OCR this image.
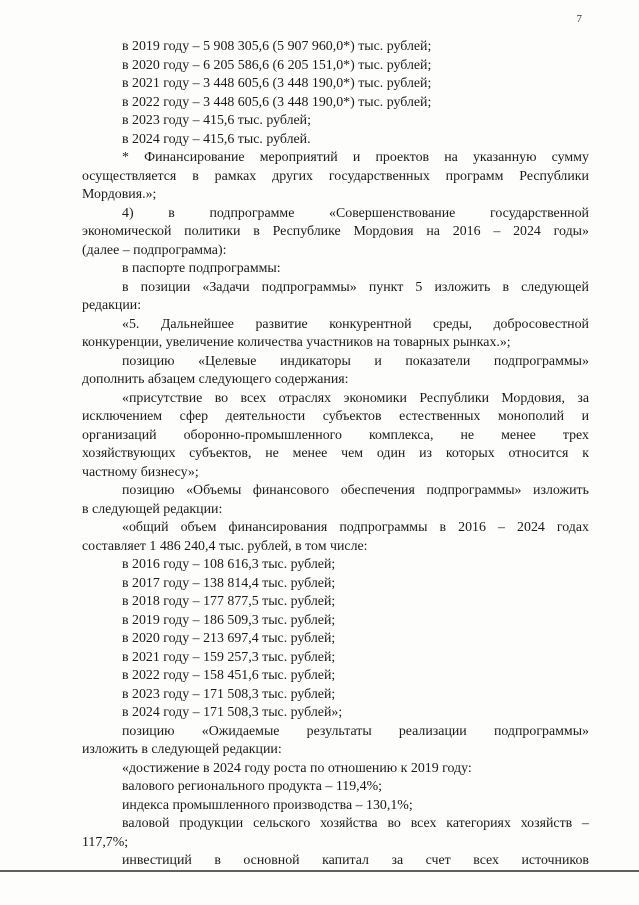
7
в 2019 году – 5 908 305,6 (5 907 960,0*) тыс. рублей;
в 2020 году – 6 205 586,6 (6 205 151,0*) тыс. рублей;
в 2021 году – 3 448 605,6 (3 448 190,0*) тыс. рублей;
в 2022 году – 3 448 605,6 (3 448 190,0*) тыс. рублей;
в 2023 году – 415,6 тыс. рублей;
в 2024 году – 415,6 тыс. рублей.
* Финансирование мероприятий и проектов на указанную сумму
осуществляется в рамках других государственных программ Республики
Мордовия.»;
4) в подпрограмме «Совершенствование государственной
экономической политики в Республике Мордовия на 2016 – 2024 годы»
(далее – подпрограмма):
в паспорте подпрограммы:
в позиции «Задачи подпрограммы» пункт 5 изложить в следующей
редакции:
«5. Дальнейшее развитие конкурентной среды, добросовестной
конкуренции, увеличение количества участников на товарных рынках.»;
позицию «Целевые индикаторы и показатели подпрограммы»
дополнить абзацем следующего содержания:
«присутствие во всех отраслях экономики Республики Мордовия, за
исключением сфер деятельности субъектов естественных монополий и
организаций оборонно-промышленного комплекса, не менее трех
хозяйствующих субъектов, не менее чем один из которых относится к
частному бизнесу»;
позицию «Объемы финансового обеспечения подпрограммы» изложить
в следующей редакции:
«общий объем финансирования подпрограммы в 2016 – 2024 годах
составляет 1 486 240,4 тыс. рублей, в том числе:
в 2016 году – 108 616,3 тыс. рублей;
в 2017 году – 138 814,4 тыс. рублей;
в 2018 году – 177 877,5 тыс. рублей;
в 2019 году – 186 509,3 тыс. рублей;
в 2020 году – 213 697,4 тыс. рублей;
в 2021 году – 159 257,3 тыс. рублей;
в 2022 году – 158 451,6 тыс. рублей;
в 2023 году – 171 508,3 тыс. рублей;
в 2024 году – 171 508,3 тыс. рублей»;
позицию «Ожидаемые результаты реализации подпрограммы»
изложить в следующей редакции:
«достижение в 2024 году роста по отношению к 2019 году:
валового регионального продукта – 119,4%;
индекса промышленного производства – 130,1%;
валовой продукции сельского хозяйства во всех категориях хозяйств –
117,7%;
инвестиций в основной капитал за счет всех источников
